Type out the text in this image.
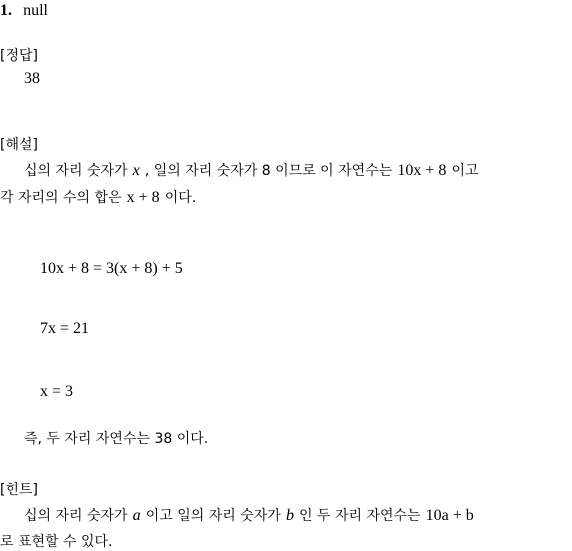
1. null
[정답]
38
[해설]
십의 자리 숫자가 x , 일의 자리 숫자가 8 이므로 이 자연수는 10x + 8 이고
각 자리의 수의 합은 x + 8 이다.
10x + 8 = 3(x + 8) + 5
7x = 21
x = 3
즉, 두 자리 자연수는 38 이다.
[힌트]
십의 자리 숫자가 a 이고 일의 자리 숫자가 b 인 두 자리 자연수는 10a + b
로 표현할 수 있다.
